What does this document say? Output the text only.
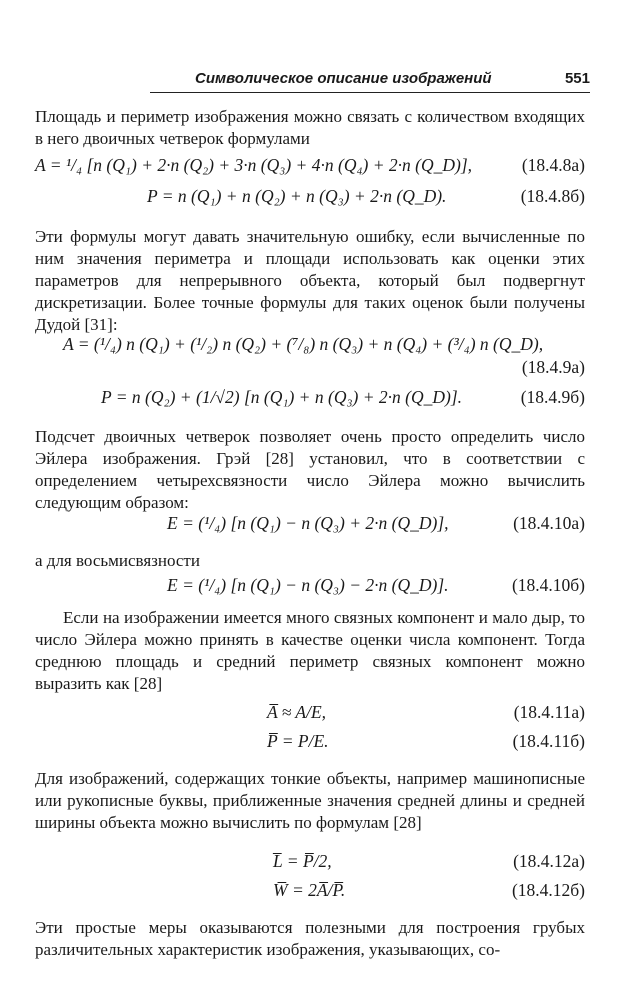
Символическое описание изображений	551

Площадь и периметр изображения можно связать с количеством входящих в него двоичных четверок формулами

A = ¹/₄ [n (Q₁) + 2·n (Q₂) + 3·n (Q₃) + 4·n (Q₄) + 2·n (Q_D)],	(18.4.8а)
P = n (Q₁) + n (Q₂) + n (Q₃) + 2·n (Q_D).	(18.4.8б)

Эти формулы могут давать значительную ошибку, если вычисленные по ним значения периметра и площади использовать как оценки этих параметров для непрерывного объекта, который был подвергнут дискретизации. Более точные формулы для таких оценок были получены Дудой [31]:

A = (¹/₄) n (Q₁) + (¹/₂) n (Q₂) + (⁷/₈) n (Q₃) + n (Q₄) + (³/₄) n (Q_D),
(18.4.9а)
P = n (Q₂) + (1/√2) [n (Q₁) + n (Q₃) + 2·n (Q_D)].	(18.4.9б)

Подсчет двоичных четверок позволяет очень просто определить число Эйлера изображения. Грэй [28] установил, что в соответствии с определением четырехсвязности число Эйлера можно вычислить следующим образом:

E = (¹/₄) [n (Q₁) − n (Q₃) + 2·n (Q_D)],	(18.4.10а)

а для восьмисвязности

E = (¹/₄) [n (Q₁) − n (Q₃) − 2·n (Q_D)].	(18.4.10б)

Если на изображении имеется много связных компонент и мало дыр, то число Эйлера можно принять в качестве оценки числа компонент. Тогда среднюю площадь и средний периметр связных компонент можно выразить как [28]

A̅ ≈ A/E,	(18.4.11а)
P̅ = P/E.	(18.4.11б)

Для изображений, содержащих тонкие объекты, например машинописные или рукописные буквы, приближенные значения средней длины и средней ширины объекта можно вычислить по формулам [28]

L̅ = P̅/2,	(18.4.12а)
W̅ = 2A̅/P̅.	(18.4.12б)

Эти простые меры оказываются полезными для построения грубых различительных характеристик изображения, указывающих, со-
